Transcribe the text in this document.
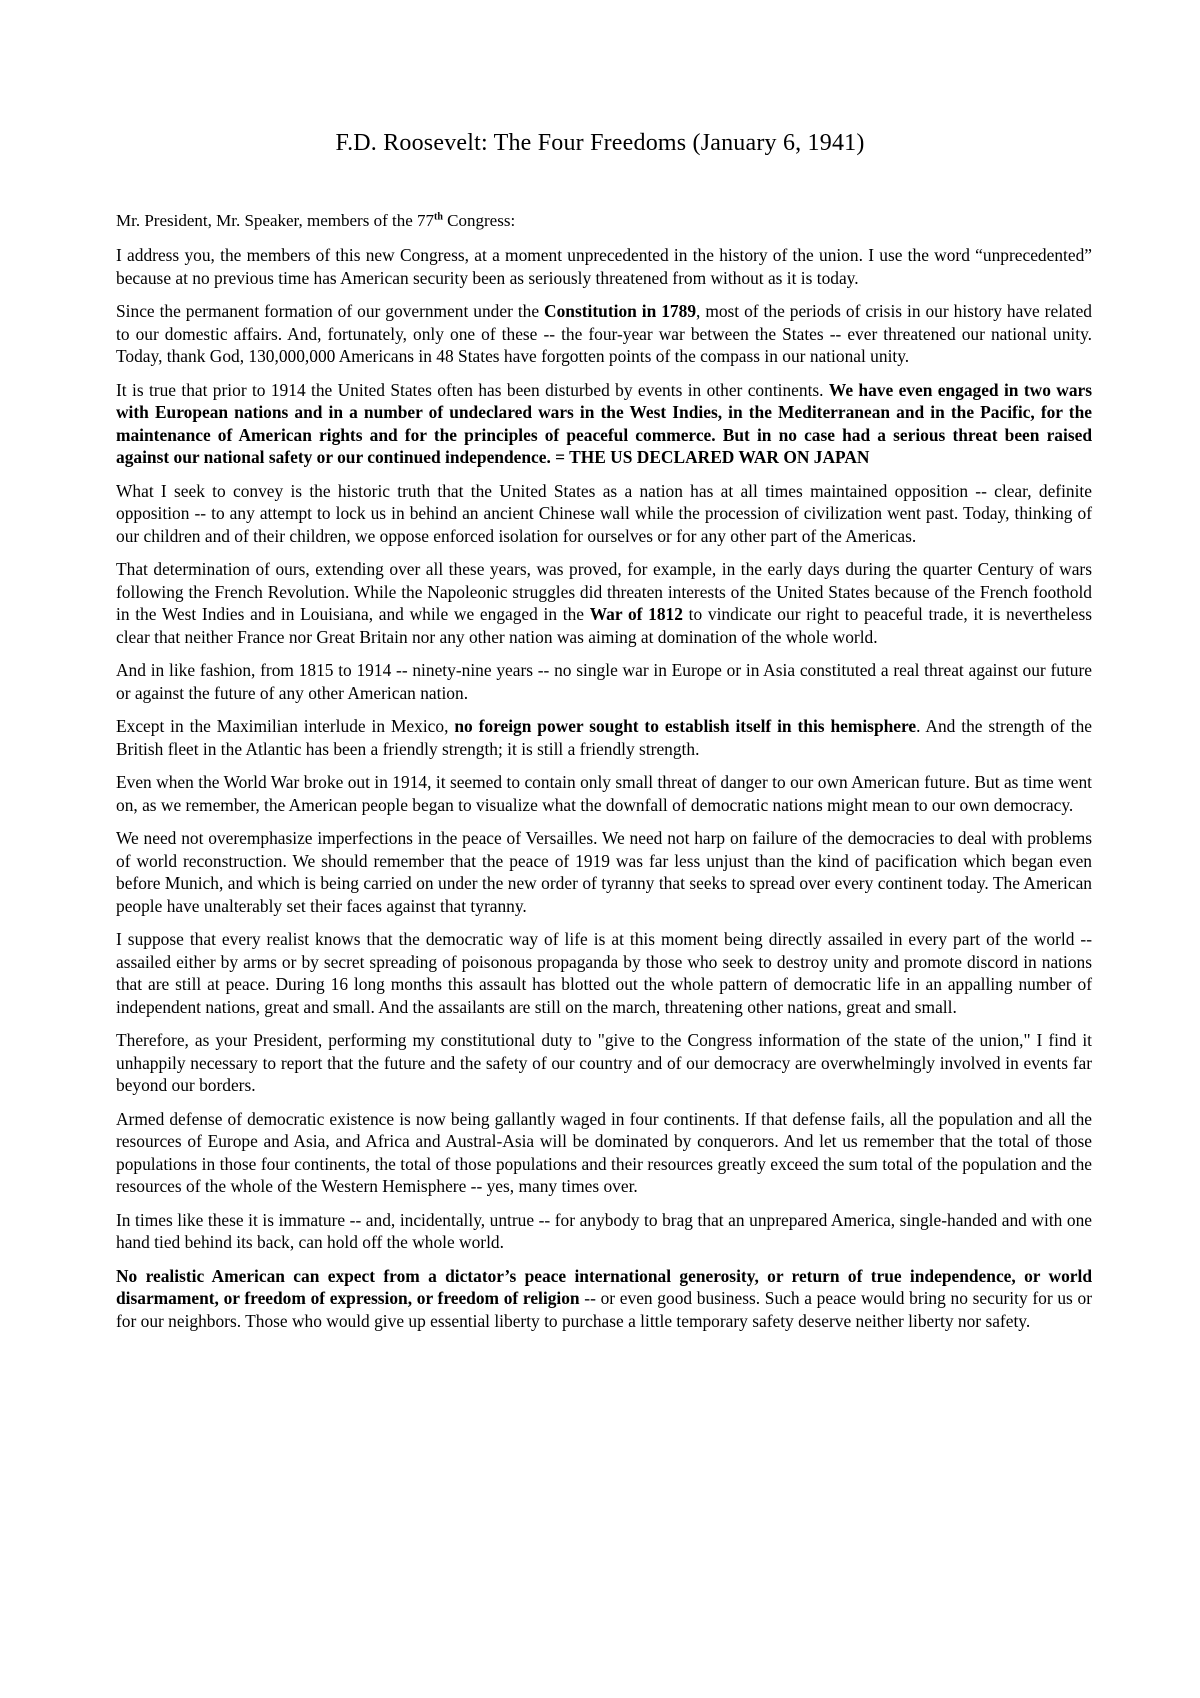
F.D. Roosevelt: The Four Freedoms (January 6, 1941)

Mr. President, Mr. Speaker, members of the 77th Congress:

I address you, the members of this new Congress, at a moment unprecedented in the history of the union. I use the word “unprecedented” because at no previous time has American security been as seriously threatened from without as it is today.

Since the permanent formation of our government under the Constitution in 1789, most of the periods of crisis in our history have related to our domestic affairs. And, fortunately, only one of these -- the four-year war between the States -- ever threatened our national unity. Today, thank God, 130,000,000 Americans in 48 States have forgotten points of the compass in our national unity.

It is true that prior to 1914 the United States often has been disturbed by events in other continents. We have even engaged in two wars with European nations and in a number of undeclared wars in the West Indies, in the Mediterranean and in the Pacific, for the maintenance of American rights and for the principles of peaceful commerce. But in no case had a serious threat been raised against our national safety or our continued independence. = THE US DECLARED WAR ON JAPAN

What I seek to convey is the historic truth that the United States as a nation has at all times maintained opposition -- clear, definite opposition -- to any attempt to lock us in behind an ancient Chinese wall while the procession of civilization went past. Today, thinking of our children and of their children, we oppose enforced isolation for ourselves or for any other part of the Americas.

That determination of ours, extending over all these years, was proved, for example, in the early days during the quarter Century of wars following the French Revolution. While the Napoleonic struggles did threaten interests of the United States because of the French foothold in the West Indies and in Louisiana, and while we engaged in the War of 1812 to vindicate our right to peaceful trade, it is nevertheless clear that neither France nor Great Britain nor any other nation was aiming at domination of the whole world.

And in like fashion, from 1815 to 1914 -- ninety-nine years -- no single war in Europe or in Asia constituted a real threat against our future or against the future of any other American nation.

Except in the Maximilian interlude in Mexico, no foreign power sought to establish itself in this hemisphere. And the strength of the British fleet in the Atlantic has been a friendly strength; it is still a friendly strength.

Even when the World War broke out in 1914, it seemed to contain only small threat of danger to our own American future. But as time went on, as we remember, the American people began to visualize what the downfall of democratic nations might mean to our own democracy.

We need not overemphasize imperfections in the peace of Versailles. We need not harp on failure of the democracies to deal with problems of world reconstruction. We should remember that the peace of 1919 was far less unjust than the kind of pacification which began even before Munich, and which is being carried on under the new order of tyranny that seeks to spread over every continent today. The American people have unalterably set their faces against that tyranny.

I suppose that every realist knows that the democratic way of life is at this moment being directly assailed in every part of the world -- assailed either by arms or by secret spreading of poisonous propaganda by those who seek to destroy unity and promote discord in nations that are still at peace. During 16 long months this assault has blotted out the whole pattern of democratic life in an appalling number of independent nations, great and small. And the assailants are still on the march, threatening other nations, great and small.

Therefore, as your President, performing my constitutional duty to "give to the Congress information of the state of the union," I find it unhappily necessary to report that the future and the safety of our country and of our democracy are overwhelmingly involved in events far beyond our borders.

Armed defense of democratic existence is now being gallantly waged in four continents. If that defense fails, all the population and all the resources of Europe and Asia, and Africa and Austral-Asia will be dominated by conquerors. And let us remember that the total of those populations in those four continents, the total of those populations and their resources greatly exceed the sum total of the population and the resources of the whole of the Western Hemisphere -- yes, many times over.

In times like these it is immature -- and, incidentally, untrue -- for anybody to brag that an unprepared America, single-handed and with one hand tied behind its back, can hold off the whole world.

No realistic American can expect from a dictator’s peace international generosity, or return of true independence, or world disarmament, or freedom of expression, or freedom of religion -- or even good business. Such a peace would bring no security for us or for our neighbors. Those who would give up essential liberty to purchase a little temporary safety deserve neither liberty nor safety.
